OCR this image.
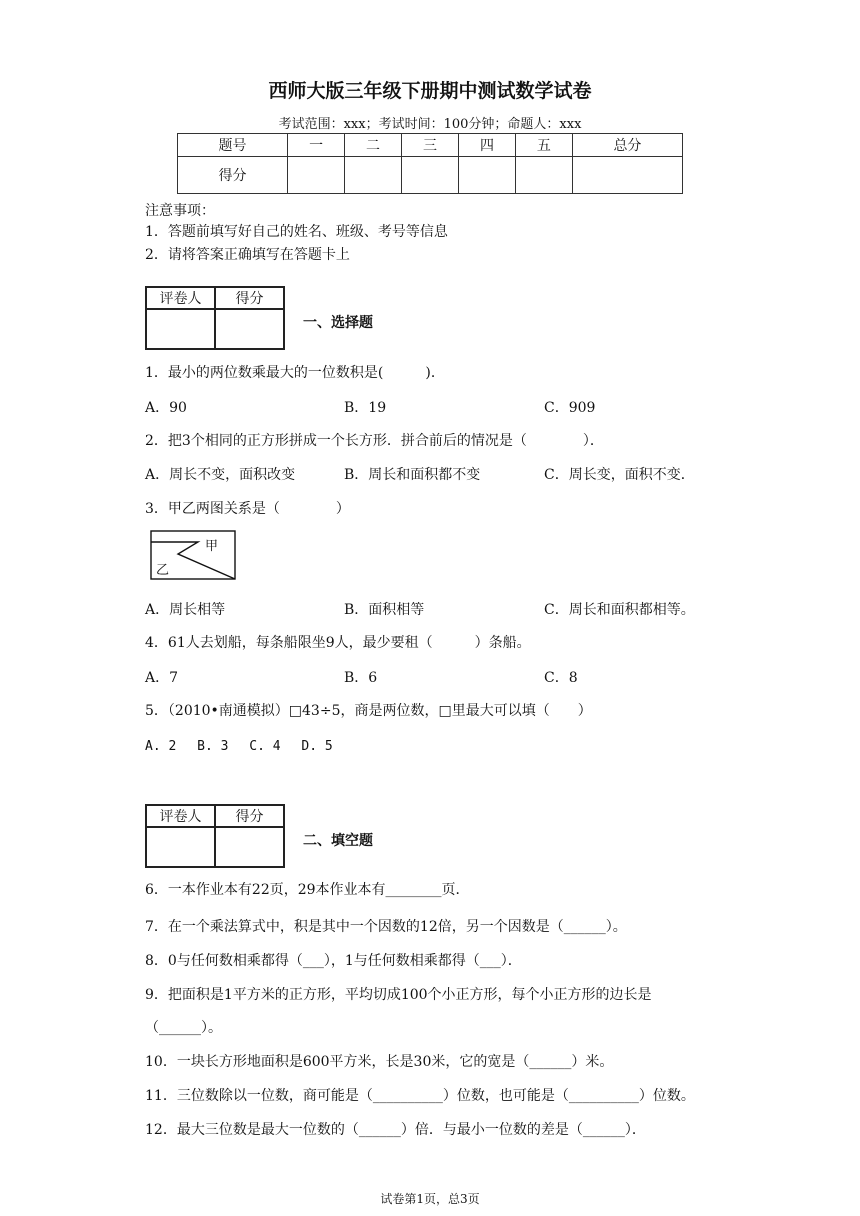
西师大版三年级下册期中测试数学试卷
考试范围：xxx；考试时间：100分钟；命题人：xxx
题号	一	二	三	四	五	总分
得分						
注意事项：
1．答题前填写好自己的姓名、班级、考号等信息
2．请将答案正确填写在答题卡上
评卷人	得分

一、选择题
1．最小的两位数乘最大的一位数积是(　　　)．
A．90	B．19	C．909
2．把3个相同的正方形拼成一个长方形．拼合前后的情况是（　　　　）．
A．周长不变，面积改变	B．周长和面积都不变	C．周长变，面积不变．
3．甲乙两图关系是（　　　　）
甲
乙
A．周长相等	B．面积相等	C．周长和面积都相等。
4．61人去划船，每条船限坐9人，最少要租（　　　）条船。
A．7	B．6	C．8
5．（2010•南通模拟）□43÷5，商是两位数，□里最大可以填（　　）
A. 2　 B. 3　 C. 4　 D. 5
评卷人	得分

二、填空题
6．一本作业本有22页，29本作业本有________页．
7．在一个乘法算式中，积是其中一个因数的12倍，另一个因数是（______）。
8．0与任何数相乘都得（___），1与任何数相乘都得（___）．
9．把面积是1平方米的正方形，平均切成100个小正方形，每个小正方形的边长是
（______）。
10．一块长方形地面积是600平方米，长是30米，它的宽是（______）米。
11．三位数除以一位数，商可能是（__________）位数，也可能是（__________）位数。
12．最大三位数是最大一位数的（______）倍．与最小一位数的差是（______）．
试卷第1页，总3页
